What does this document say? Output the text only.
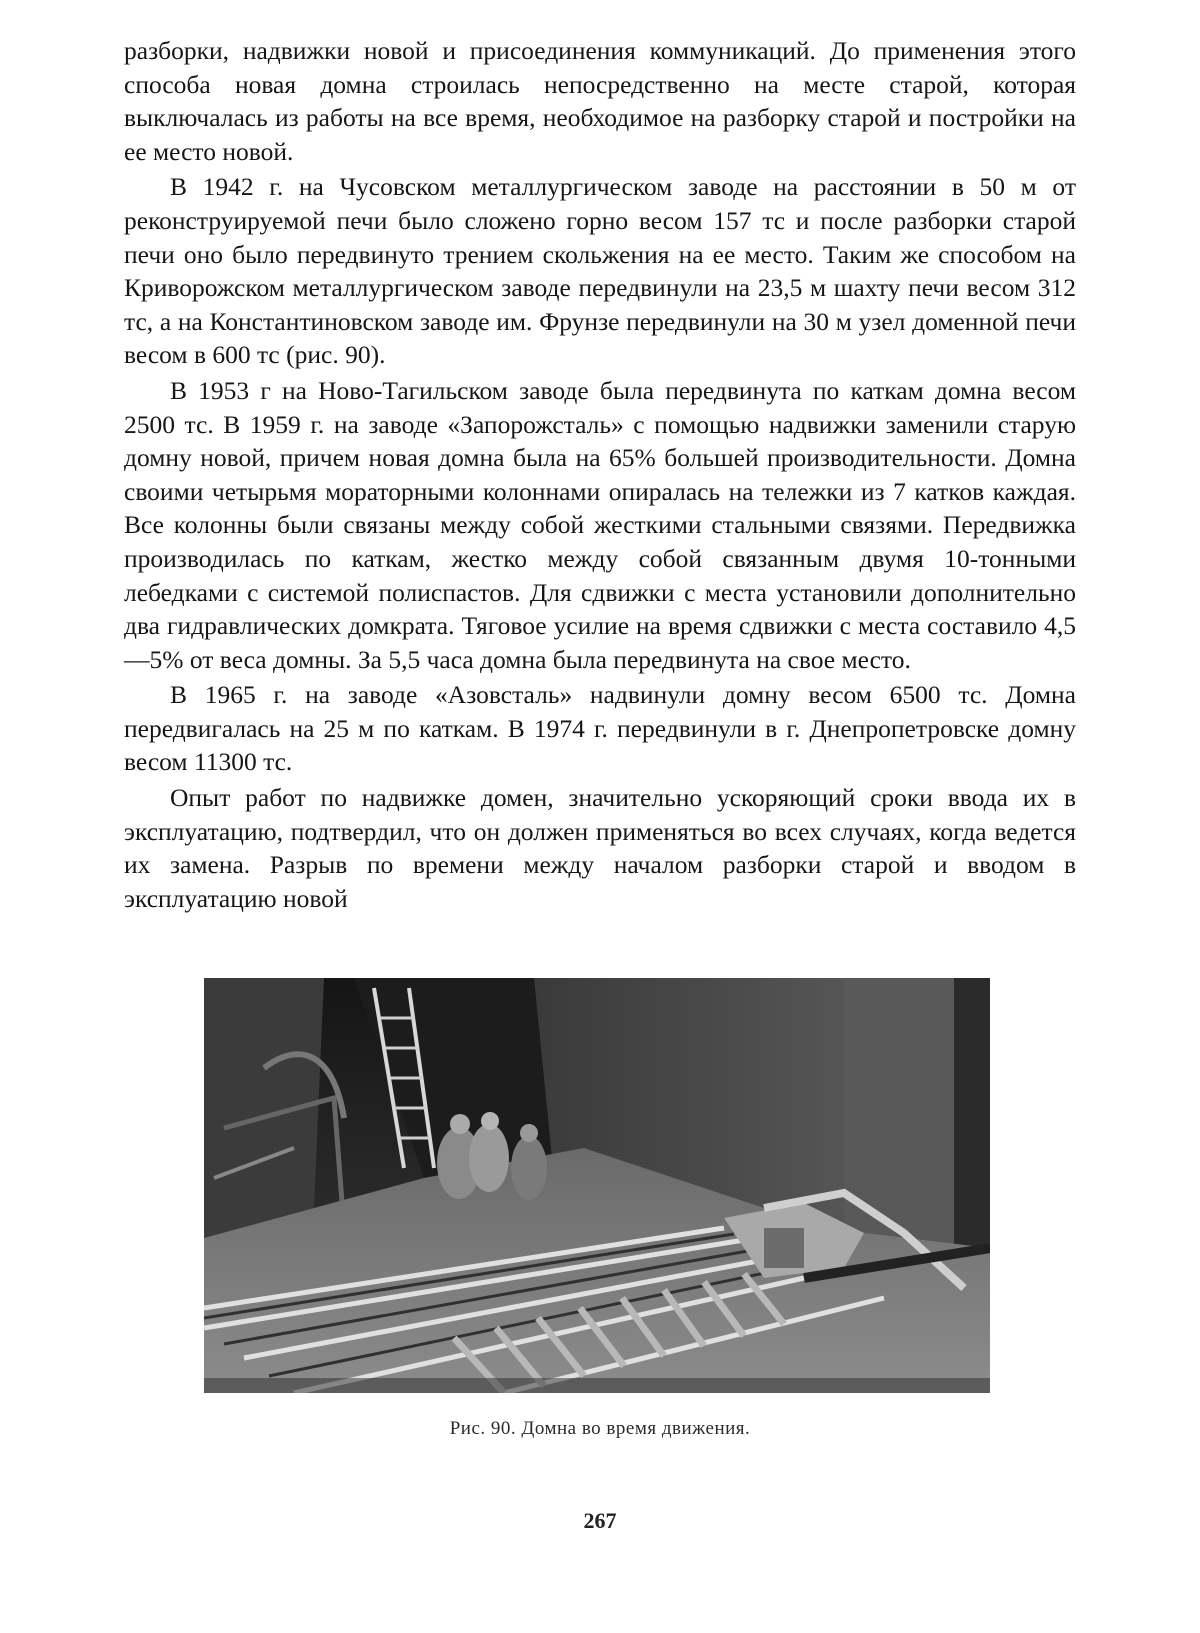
разборки, надвижки новой и присоединения коммуникаций. До применения этого способа новая домна строилась непосредственно на месте старой, которая выключалась из работы на все время, необходимое на разборку старой и постройки на ее место новой.

В 1942 г. на Чусовском металлургическом заводе на расстоянии в 50 м от реконструируемой печи было сложено горно весом 157 тс и после разборки старой печи оно было передвинуто трением скольжения на ее место. Таким же способом на Криворожском металлургическом заводе передвинули на 23,5 м шахту печи весом 312 тс, а на Константиновском заводе им. Фрунзе передвинули на 30 м узел доменной печи весом в 600 тс (рис. 90).

В 1953 г на Ново-Тагильском заводе была передвинута по каткам домна весом 2500 тс. В 1959 г. на заводе «Запорожсталь» с помощью надвижки заменили старую домну новой, причем новая домна была на 65% большей производительности. Домна своими четырьмя мораторными колоннами опиралась на тележки из 7 катков каждая. Все колонны были связаны между собой жесткими стальными связями. Передвижка производилась по каткам, жестко между собой связанным двумя 10-тонными лебедками с системой полиспастов. Для сдвижки с места установили дополнительно два гидравлических домкрата. Тяговое усилие на время сдвижки с места составило 4,5—5% от веса домны. За 5,5 часа домна была передвинута на свое место.

В 1965 г. на заводе «Азовсталь» надвинули домну весом 6500 тс. Домна передвигалась на 25 м по каткам. В 1974 г. передвинули в г. Днепропетровске домну весом 11300 тс.

Опыт работ по надвижке домен, значительно ускоряющий сроки ввода их в эксплуатацию, подтвердил, что он должен применяться во всех случаях, когда ведется их замена. Разрыв по времени между началом разборки старой и вводом в эксплуатацию новой

Рис. 90. Домна во время движения.
267
